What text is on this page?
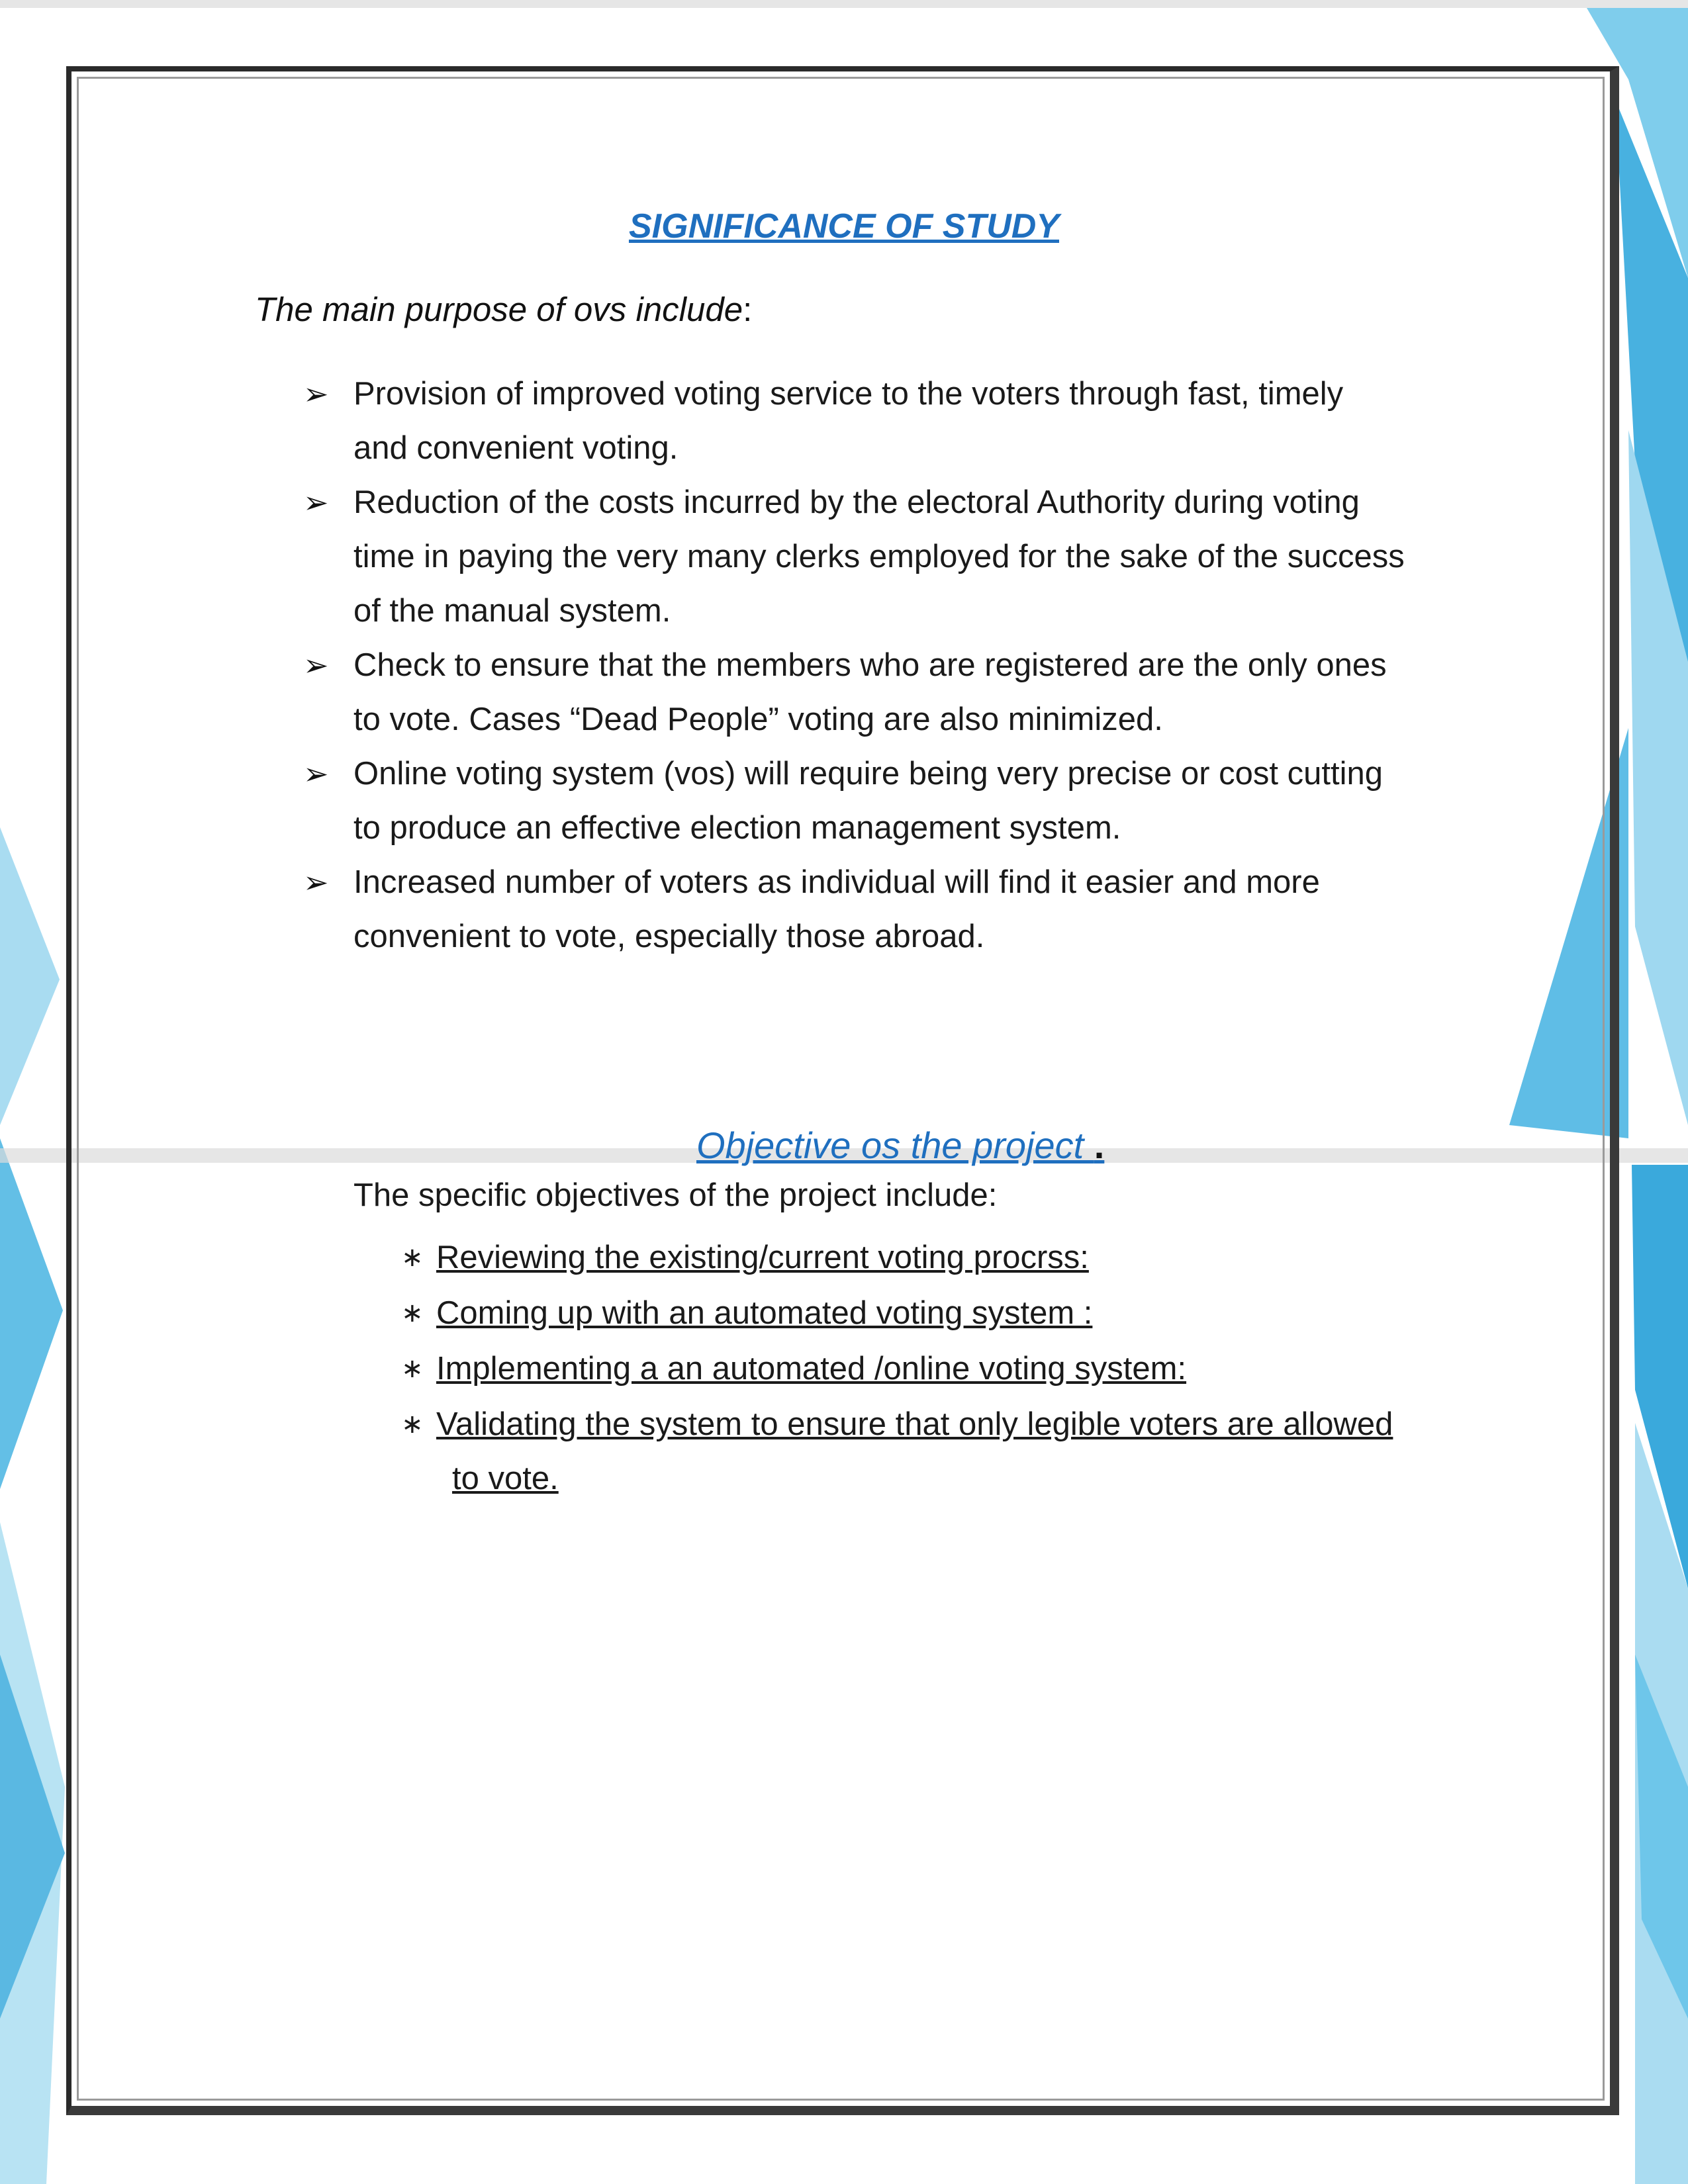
SIGNIFICANCE OF STUDY

The main purpose of ovs include:

➢ Provision of improved voting service to the voters through fast, timely
and convenient voting.
➢ Reduction of the costs incurred by the electoral Authority during voting
time in paying the very many clerks employed for the sake of the success
of the manual system.
➢ Check to ensure that the members who are registered are the only ones
to vote. Cases “Dead People” voting are also minimized.
➢ Online voting system (vos) will require being very precise or cost cutting
to produce an effective election management system.
➢ Increased number of voters as individual will find it easier and more
convenient to vote, especially those abroad.
Objective os the project .

The specific objectives of the project include:

∗ Reviewing the existing/current voting procrss:
∗ Coming up with an automated voting system :
∗ Implementing a an automated /online voting system:
∗ Validating the system to ensure that only legible voters are allowed
to vote.
